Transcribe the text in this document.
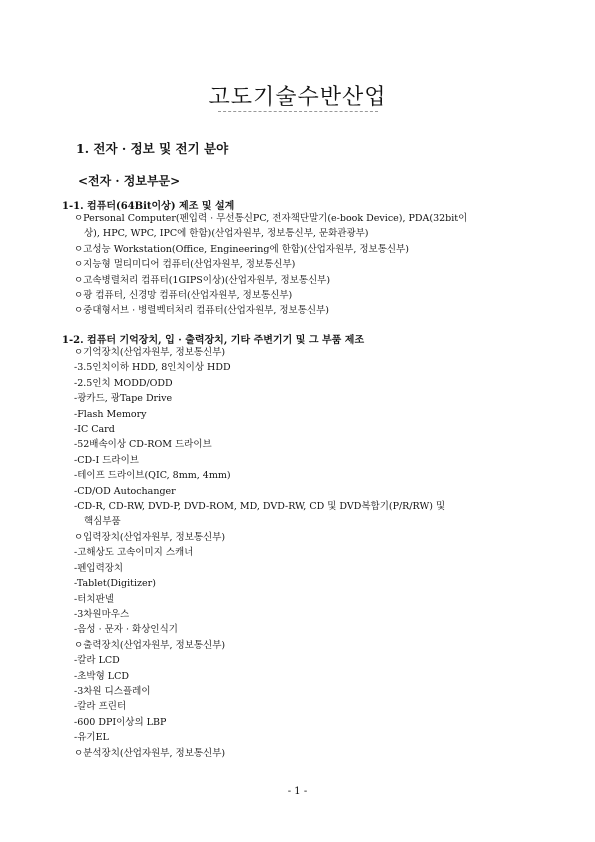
고도기술수반산업
1. 전자 · 정보 및 전기 분야
<전자 · 정보부문>
1-1. 컴퓨터(64Bit이상) 제조 및 설계
ㅇPersonal Computer(펜입력 · 무선통신PC, 전자책단말기(e-book Device), PDA(32bit이
상), HPC, WPC, IPC에 한함)(산업자원부, 정보통신부, 문화관광부)
ㅇ고성능 Workstation(Office, Engineering에 한함)(산업자원부, 정보통신부)
ㅇ지능형 멀티미디어 컴퓨터(산업자원부, 정보통신부)
ㅇ고속병렬처리 컴퓨터(1GIPS이상)(산업자원부, 정보통신부)
ㅇ광 컴퓨터, 신경망 컴퓨터(산업자원부, 정보통신부)
ㅇ중대형서브 · 병렬벡터처리 컴퓨터(산업자원부, 정보통신부)
1-2. 컴퓨터 기억장치, 입 · 출력장치, 기타 주변기기 및 그 부품 제조
ㅇ기억장치(산업자원부, 정보통신부)
-3.5인치이하 HDD, 8인치이상 HDD
-2.5인치 MODD/ODD
-광카드, 광Tape Drive
-Flash Memory
-IC Card
-52배속이상 CD-ROM 드라이브
-CD-I 드라이브
-테이프 드라이브(QIC, 8mm, 4mm)
-CD/OD Autochanger
-CD-R, CD-RW, DVD-P, DVD-ROM, MD, DVD-RW, CD 및 DVD복합기(P/R/RW) 및
핵심부품
ㅇ입력장치(산업자원부, 정보통신부)
-고해상도 고속이미지 스캐너
-펜입력장치
-Tablet(Digitizer)
-터치판넬
-3차원마우스
-음성 · 문자 · 화상인식기
ㅇ출력장치(산업자원부, 정보통신부)
-칼라 LCD
-초박형 LCD
-3차원 디스플레이
-칼라 프린터
-600 DPI이상의 LBP
-유기EL
ㅇ분석장치(산업자원부, 정보통신부)
- 1 -
